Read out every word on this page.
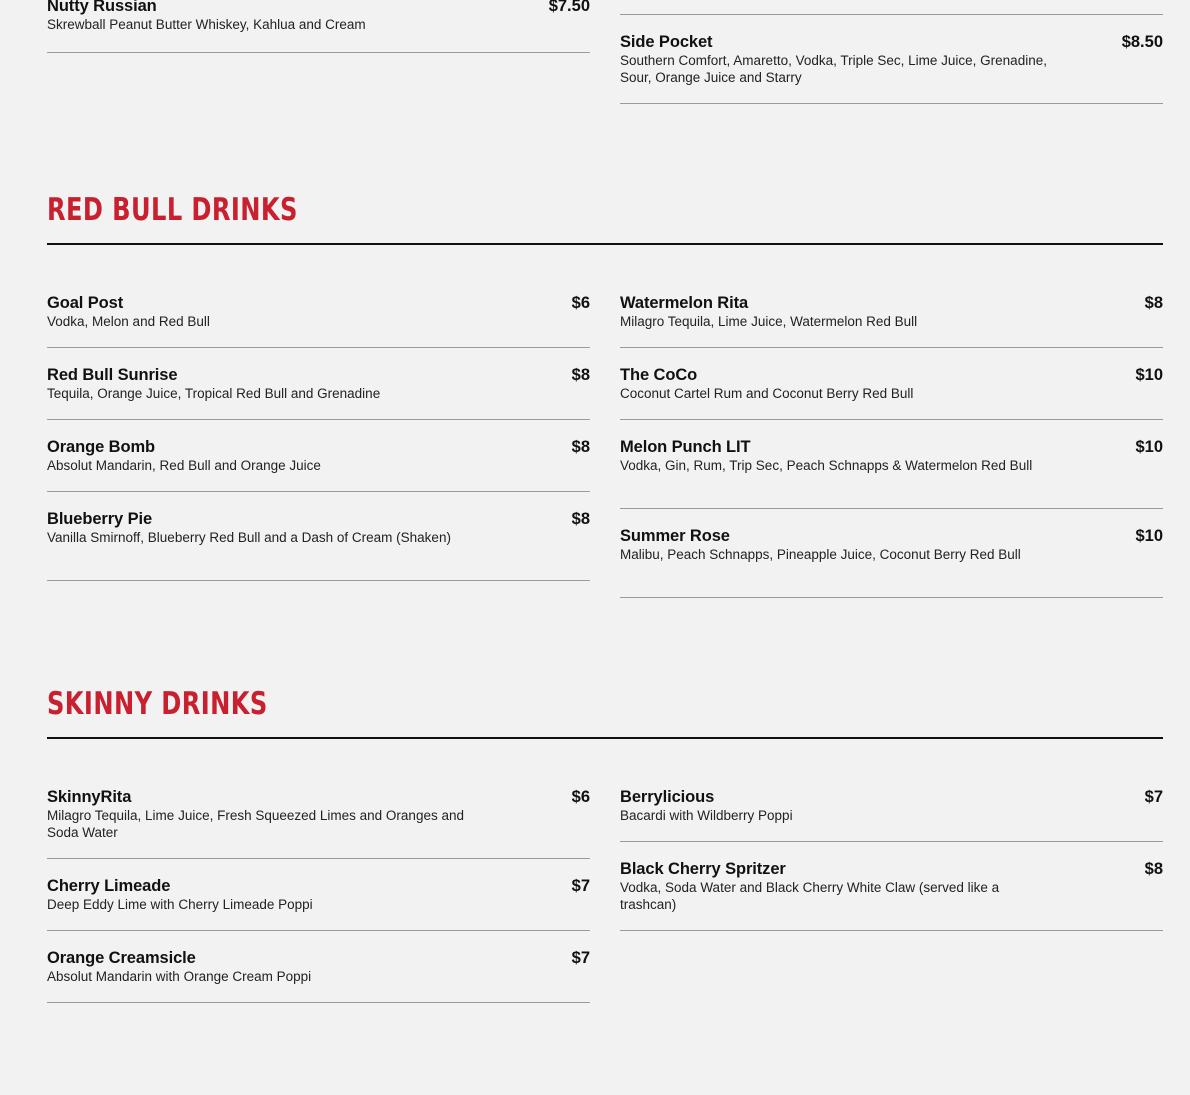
Nutty Russian	$7.50
Skrewball Peanut Butter Whiskey, Kahlua and Cream
Side Pocket	$8.50
Southern Comfort, Amaretto, Vodka, Triple Sec, Lime Juice, Grenadine, Sour, Orange Juice and Starry
RED BULL DRINKS
Goal Post	$6
Vodka, Melon and Red Bull
Red Bull Sunrise	$8
Tequila, Orange Juice, Tropical Red Bull and Grenadine
Orange Bomb	$8
Absolut Mandarin, Red Bull and Orange Juice
Blueberry Pie	$8
Vanilla Smirnoff, Blueberry Red Bull and a Dash of Cream (Shaken)
Watermelon Rita	$8
Milagro Tequila, Lime Juice, Watermelon Red Bull
The CoCo	$10
Coconut Cartel Rum and Coconut Berry Red Bull
Melon Punch LIT	$10
Vodka, Gin, Rum, Trip Sec, Peach Schnapps & Watermelon Red Bull
Summer Rose	$10
Malibu, Peach Schnapps, Pineapple Juice, Coconut Berry Red Bull
SKINNY DRINKS
SkinnyRita	$6
Milagro Tequila, Lime Juice, Fresh Squeezed Limes and Oranges and Soda Water
Cherry Limeade	$7
Deep Eddy Lime with Cherry Limeade Poppi
Orange Creamsicle	$7
Absolut Mandarin with Orange Cream Poppi
Berrylicious	$7
Bacardi with Wildberry Poppi
Black Cherry Spritzer	$8
Vodka, Soda Water and Black Cherry White Claw (served like a trashcan)
